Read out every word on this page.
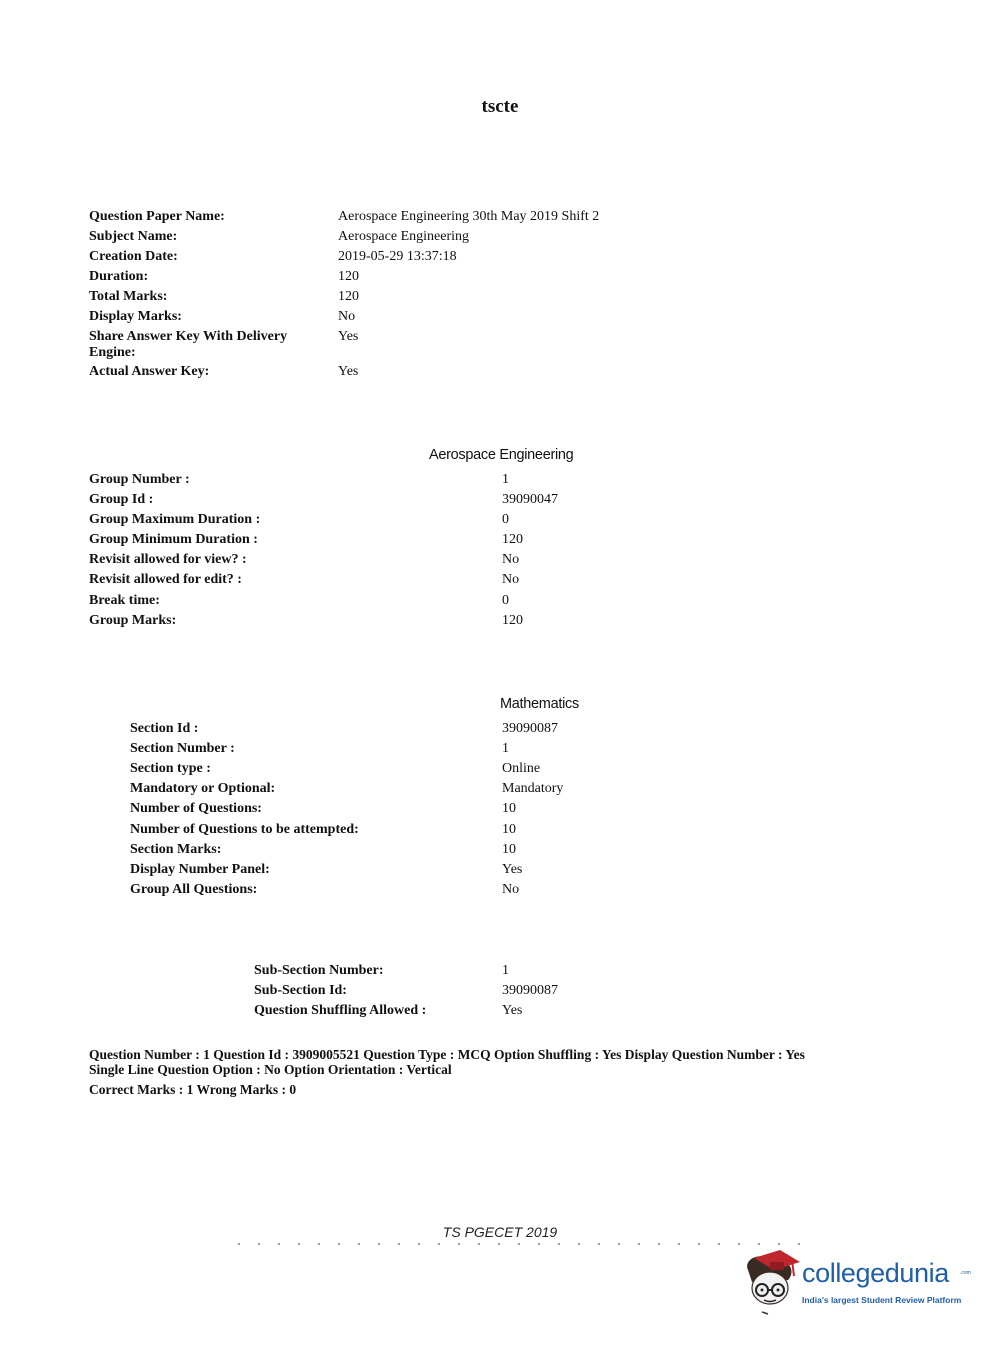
tscte
Question Paper Name:	Aerospace Engineering 30th May 2019 Shift 2
Subject Name:	Aerospace Engineering
Creation Date:	2019-05-29 13:37:18
Duration:	120
Total Marks:	120
Display Marks:	No
Share Answer Key With Delivery Engine:
Yes
Actual Answer Key:	Yes
Aerospace Engineering
Group Number :	1
Group Id :	39090047
Group Maximum Duration :	0
Group Minimum Duration :	120
Revisit allowed for view? :	No
Revisit allowed for edit? :	No
Break time:	0
Group Marks:	120
Mathematics
Section Id :	39090087
Section Number :	1
Section type :	Online
Mandatory or Optional:	Mandatory
Number of Questions:	10
Number of Questions to be attempted:	10
Section Marks:	10
Display Number Panel:	Yes
Group All Questions:	No
Sub-Section Number:	1
Sub-Section Id:	39090087
Question Shuffling Allowed :	Yes
Question Number : 1 Question Id : 3909005521 Question Type : MCQ Option Shuffling : Yes Display Question Number : Yes
Single Line Question Option : No Option Orientation : Vertical
Correct Marks : 1 Wrong Marks : 0
TS PGECET 2019
collegedunia .com
India's largest Student Review Platform
